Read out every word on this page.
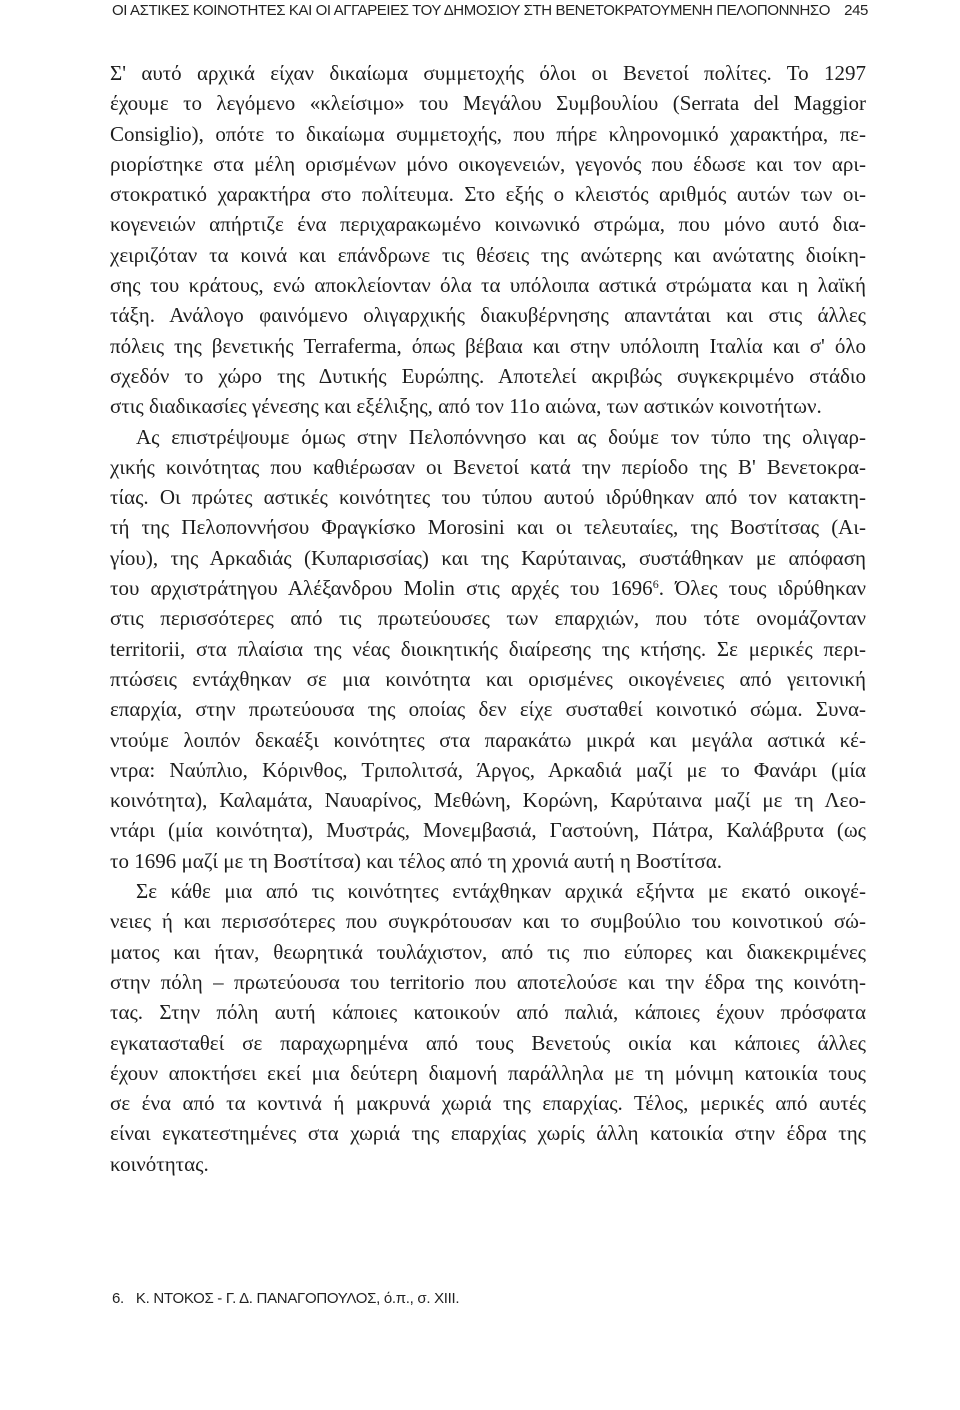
ΟΙ ΑΣΤΙΚΕΣ ΚΟΙΝΟΤΗΤΕΣ ΚΑΙ ΟΙ ΑΓΓΑΡΕΙΕΣ ΤΟΥ ΔΗΜΟΣΙΟΥ ΣΤΗ ΒΕΝΕΤΟΚΡΑΤΟΥΜΕΝΗ ΠΕΛΟΠΟΝΝΗΣΟ 245
Σ' αυτό αρχικά είχαν δικαίωμα συμμετοχής όλοι οι Βενετοί πολίτες. Το 1297
έχουμε το λεγόμενο «κλείσιμο» του Μεγάλου Συμβουλίου (Serrata del Maggior
Consiglio), οπότε το δικαίωμα συμμετοχής, που πήρε κληρονομικό χαρακτήρα, πε-
ριορίστηκε στα μέλη ορισμένων μόνο οικογενειών, γεγονός που έδωσε και τον αρι-
στοκρατικό χαρακτήρα στο πολίτευμα. Στο εξής ο κλειστός αριθμός αυτών των οι-
κογενειών απήρτιζε ένα περιχαρακωμένο κοινωνικό στρώμα, που μόνο αυτό δια-
χειριζόταν τα κοινά και επάνδρωνε τις θέσεις της ανώτερης και ανώτατης διοίκη-
σης του κράτους, ενώ αποκλείονταν όλα τα υπόλοιπα αστικά στρώματα και η λαϊκή
τάξη. Ανάλογο φαινόμενο ολιγαρχικής διακυβέρνησης απαντάται και στις άλλες
πόλεις της βενετικής Terraferma, όπως βέβαια και στην υπόλοιπη Ιταλία και σ' όλο
σχεδόν το χώρο της Δυτικής Ευρώπης. Αποτελεί ακριβώς συγκεκριμένο στάδιο
στις διαδικασίες γένεσης και εξέλιξης, από τον 11ο αιώνα, των αστικών κοινοτήτων.
Ας επιστρέψουμε όμως στην Πελοπόννησο και ας δούμε τον τύπο της ολιγαρ-
χικής κοινότητας που καθιέρωσαν οι Βενετοί κατά την περίοδο της Β' Βενετοκρα-
τίας. Οι πρώτες αστικές κοινότητες του τύπου αυτού ιδρύθηκαν από τον κατακτη-
τή της Πελοποννήσου Φραγκίσκο Morosini και οι τελευταίες, της Βοστίτσας (Αι-
γίου), της Αρκαδιάς (Κυπαρισσίας) και της Καρύταινας, συστάθηκαν με απόφαση
του αρχιστράτηγου Αλέξανδρου Molin στις αρχές του 1696$^6$. Όλες τους ιδρύθηκαν
στις περισσότερες από τις πρωτεύουσες των επαρχιών, που τότε ονομάζονταν
territorii, στα πλαίσια της νέας διοικητικής διαίρεσης της κτήσης. Σε μερικές περι-
πτώσεις εντάχθηκαν σε μια κοινότητα και ορισμένες οικογένειες από γειτονική
επαρχία, στην πρωτεύουσα της οποίας δεν είχε συσταθεί κοινοτικό σώμα. Συνα-
ντούμε λοιπόν δεκαέξι κοινότητες στα παρακάτω μικρά και μεγάλα αστικά κέ-
ντρα: Ναύπλιο, Κόρινθος, Τριπολιτσά, Άργος, Αρκαδιά μαζί με το Φανάρι (μία
κοινότητα), Καλαμάτα, Ναυαρίνος, Μεθώνη, Κορώνη, Καρύταινα μαζί με τη Λεο-
ντάρι (μία κοινότητα), Μυστράς, Μονεμβασιά, Γαστούνη, Πάτρα, Καλάβρυτα (ως
το 1696 μαζί με τη Βοστίτσα) και τέλος από τη χρονιά αυτή η Βοστίτσα.
Σε κάθε μια από τις κοινότητες εντάχθηκαν αρχικά εξήντα με εκατό οικογέ-
νειες ή και περισσότερες που συγκρότουσαν και το συμβούλιο του κοινοτικού σώ-
ματος και ήταν, θεωρητικά τουλάχιστον, από τις πιο εύπορες και διακεκριμένες
στην πόλη – πρωτεύουσα του territorio που αποτελούσε και την έδρα της κοινότη-
τας. Στην πόλη αυτή κάποιες κατοικούν από παλιά, κάποιες έχουν πρόσφατα
εγκατασταθεί σε παραχωρημένα από τους Βενετούς οικία και κάποιες άλλες
έχουν αποκτήσει εκεί μια δεύτερη διαμονή παράλληλα με τη μόνιμη κατοικία τους
σε ένα από τα κοντινά ή μακρυνά χωριά της επαρχίας. Τέλος, μερικές από αυτές
είναι εγκατεστημένες στα χωριά της επαρχίας χωρίς άλλη κατοικία στην έδρα της
κοινότητας.
6. Κ. ΝΤΟΚΟΣ - Γ. Δ. ΠΑΝΑΓΟΠΟΥΛΟΣ, ό.π., σ. XIII.
